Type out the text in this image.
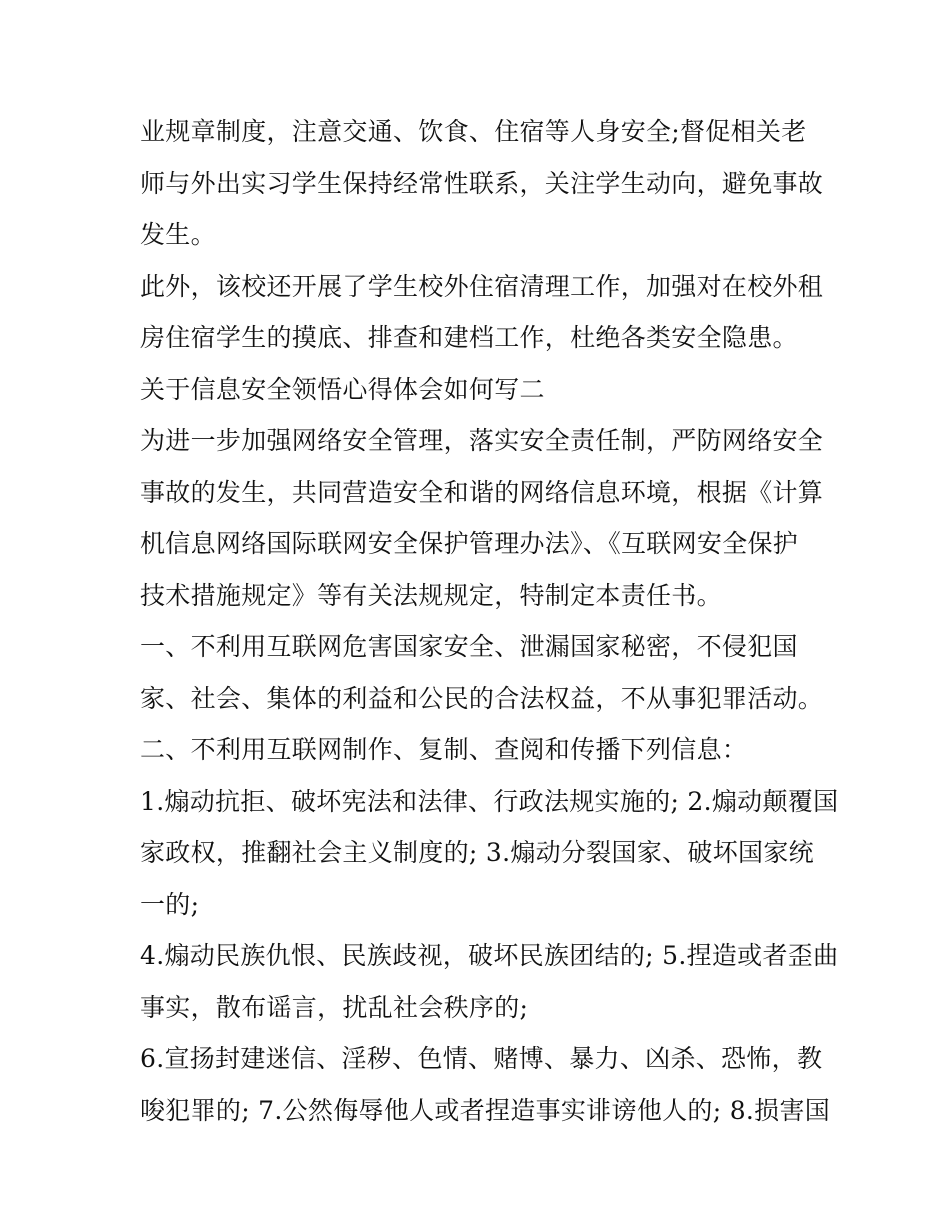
业规章制度，注意交通、饮食、住宿等人身安全;督促相关老
师与外出实习学生保持经常性联系，关注学生动向，避免事故
发生。
此外，该校还开展了学生校外住宿清理工作，加强对在校外租
房住宿学生的摸底、排查和建档工作，杜绝各类安全隐患。
关于信息安全领悟心得体会如何写二
为进一步加强网络安全管理，落实安全责任制，严防网络安全
事故的发生，共同营造安全和谐的网络信息环境，根据《计算
机信息网络国际联网安全保护管理办法》、《互联网安全保护
技术措施规定》等有关法规规定，特制定本责任书。
一、不利用互联网危害国家安全、泄漏国家秘密，不侵犯国
家、社会、集体的利益和公民的合法权益，不从事犯罪活动。
二、不利用互联网制作、复制、查阅和传播下列信息：
1.煽动抗拒、破坏宪法和法律、行政法规实施的; 2.煽动颠覆国
家政权，推翻社会主义制度的; 3.煽动分裂国家、破坏国家统
一的;
4.煽动民族仇恨、民族歧视，破坏民族团结的; 5.捏造或者歪曲
事实，散布谣言，扰乱社会秩序的;
6.宣扬封建迷信、淫秽、色情、赌博、暴力、凶杀、恐怖，教
唆犯罪的; 7.公然侮辱他人或者捏造事实诽谤他人的; 8.损害国
